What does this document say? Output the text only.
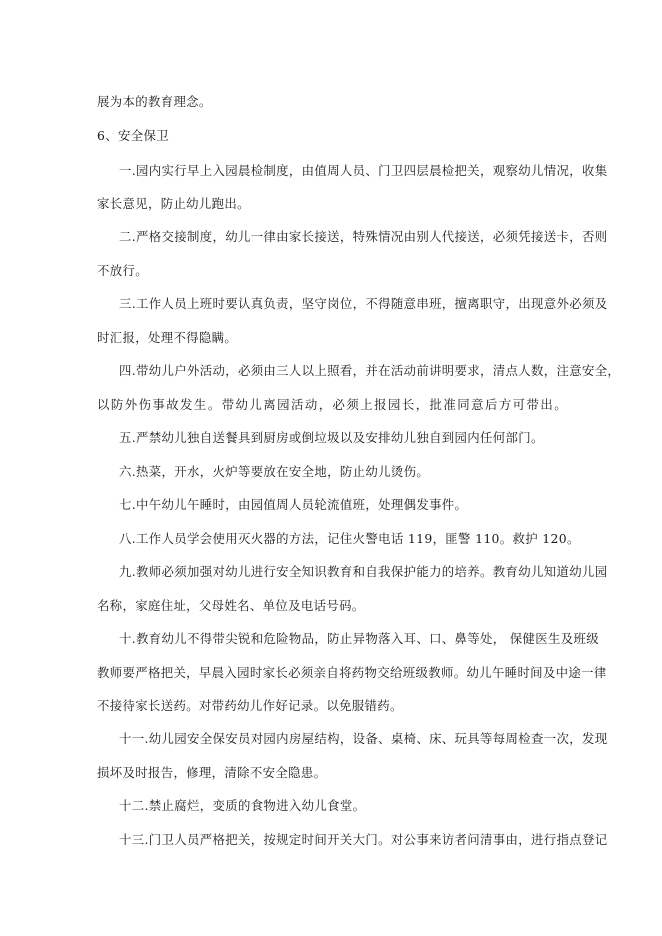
展为本的教育理念。
6、安全保卫
一.园内实行早上入园晨检制度，由值周人员、门卫四层晨检把关，观察幼儿情况，收集
家长意见，防止幼儿跑出。
二.严格交接制度，幼儿一律由家长接送，特殊情况由别人代接送，必须凭接送卡，否则
不放行。
三.工作人员上班时要认真负责，坚守岗位，不得随意串班，擅离职守，出现意外必须及
时汇报，处理不得隐瞒。
四.带幼儿户外活动，必须由三人以上照看，并在活动前讲明要求，清点人数，注意安全，
以防外伤事故发生。带幼儿离园活动，必须上报园长，批准同意后方可带出。
五.严禁幼儿独自送餐具到厨房或倒垃圾以及安排幼儿独自到园内任何部门。
六.热菜，开水，火炉等要放在安全地，防止幼儿烫伤。
七.中午幼儿午睡时，由园值周人员轮流值班，处理偶发事件。
八.工作人员学会使用灭火器的方法，记住火警电话 119，匪警 110。救护 120。
九.教师必须加强对幼儿进行安全知识教育和自我保护能力的培养。教育幼儿知道幼儿园
名称，家庭住址，父母姓名、单位及电话号码。
十.教育幼儿不得带尖锐和危险物品，防止异物落入耳、口、鼻等处， 保健医生及班级
教师要严格把关，早晨入园时家长必须亲自将药物交给班级教师。幼儿午睡时间及中途一律
不接待家长送药。对带药幼儿作好记录。以免服错药。
十一.幼儿园安全保安员对园内房屋结构，设备、桌椅、床、玩具等每周检查一次，发现
损坏及时报告，修理，清除不安全隐患。
十二.禁止腐烂，变质的食物进入幼儿食堂。
十三.门卫人员严格把关，按规定时间开关大门。对公事来访者问清事由，进行指点登记
